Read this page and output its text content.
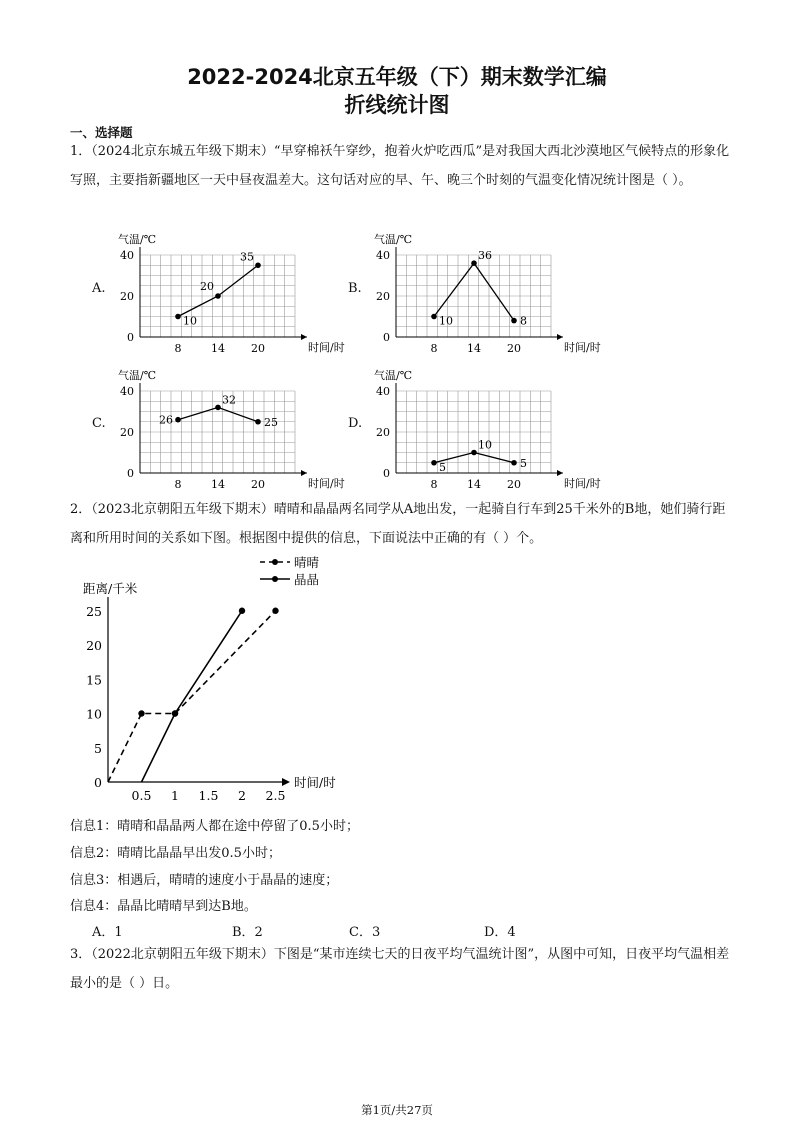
2022-2024北京五年级（下）期末数学汇编
折线统计图
一、选择题
1．（2024北京东城五年级下期末）“早穿棉袄午穿纱，抱着火炉吃西瓜”是对我国大西北沙漠地区气候特点的形象化写照，主要指新疆地区一天中昼夜温差大。这句话对应的早、午、晚三个时刻的气温变化情况统计图是（ ）。
A.	B.
C.	D.
气温/℃
时间/时
0
20
40
8	14 20
10
20
35
气温/℃
时间/时
0
20
40
8	14 20
10
36
8
气温/℃
时间/时
0
20
40
8	14 20
26
32
25
气温/℃
时间/时
0
20
40
8	14 20
5
10
5
2．（2023北京朝阳五年级下期末）晴晴和晶晶两名同学从A地出发，一起骑自行车到25千米外的B地，她们骑行距离和所用时间的关系如下图。根据图中提供的信息，下面说法中正确的有（ ）个。
距离/千米
时间/时
0
5
10
15
20
25
0.5 1 1.5 2 2.5
晴晴
晶晶
信息1：晴晴和晶晶两人都在途中停留了0.5小时；
信息2：晴晴比晶晶早出发0.5小时；
信息3：相遇后，晴晴的速度小于晶晶的速度；
信息4：晶晶比晴晴早到达B地。
A．1	B．2	C．3	D．4
3．（2022北京朝阳五年级下期末）下图是“某市连续七天的日夜平均气温统计图”，从图中可知，日夜平均气温相差最小的是（ ）日。
第1页/共27页
